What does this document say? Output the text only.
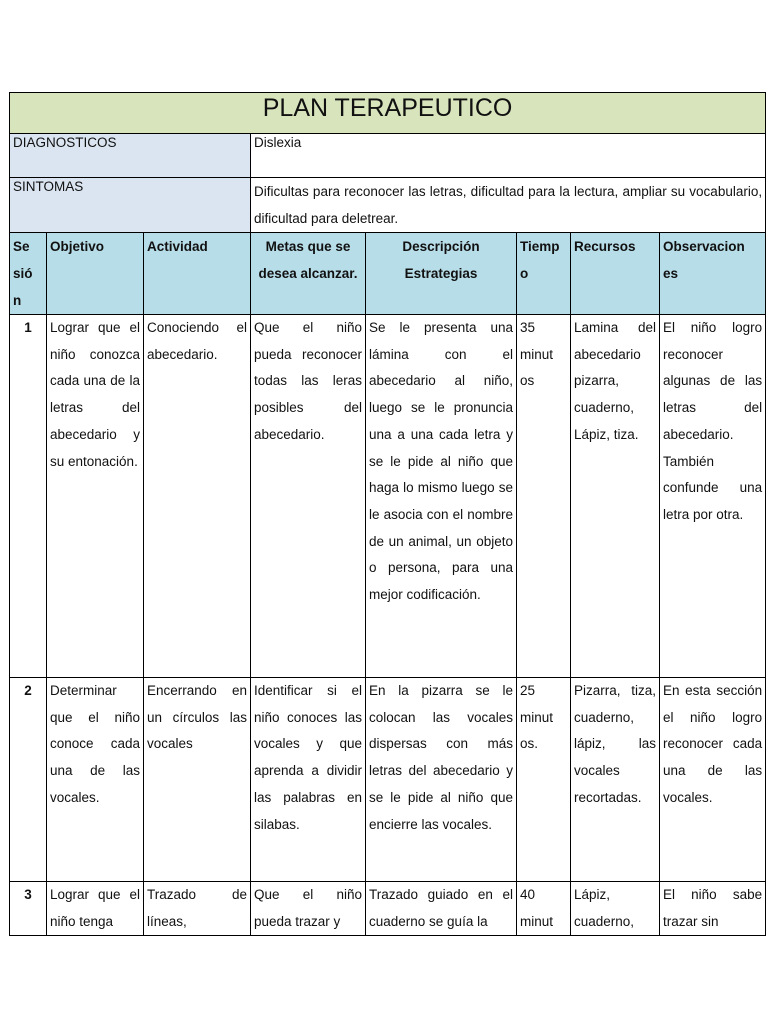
PLAN TERAPEUTICO							
DIAGNOSTICOS			Dislexia				
SINTOMAS			Dificultas para reconocer las letras, dificultad para la lectura, ampliar su vocabulario, dificultad para deletrear.				
Se sió n	Objetivo	Actividad	Metas que se desea alcanzar.	Descripción Estrategias	Tiemp o	Recursos	Observacion es
1	Lograr que el niño conozca cada una de la letras del abecedario y su entonación.	Conociendo el abecedario.	Que el niño pueda reconocer todas las leras posibles del abecedario.	Se le presenta una lámina con el abecedario al niño, luego se le pronuncia una a una cada letra y se le pide al niño que haga lo mismo luego se le asocia con el nombre de un animal, un objeto o persona, para una mejor codificación.	35 minut os	Lamina del abecedario pizarra, cuaderno, Lápiz, tiza.	El niño logro reconocer algunas de las letras del abecedario. También confunde una letra por otra.
2	Determinar que el niño conoce cada una de las vocales.	Encerrando en un círculos las vocales	Identificar si el niño conoces las vocales y que aprenda a dividir las palabras en silabas.	En la pizarra se le colocan las vocales dispersas con más letras del abecedario y se le pide al niño que encierre las vocales.	25 minut os.	Pizarra, tiza, cuaderno, lápiz, las vocales recortadas.	En esta sección el niño logro reconocer cada una de las vocales.
3	Lograr que el niño tenga	Trazado de líneas,	Que el niño pueda trazar y	Trazado guiado en el cuaderno se guía la	40 minut	Lápiz, cuaderno,	El niño sabe trazar sin
